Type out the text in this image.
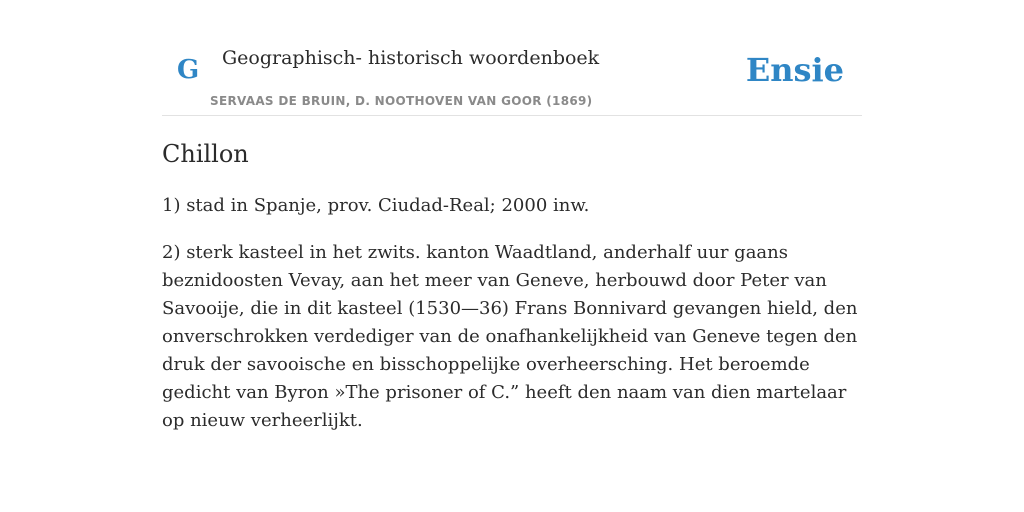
G Geographisch- historisch woordenboek
SERVAAS DE BRUIN, D. NOOTHOVEN VAN GOOR (1869)
Ensie
Chillon

1) stad in Spanje, prov. Ciudad-Real; 2000 inw.

2) sterk kasteel in het zwits. kanton Waadtland, anderhalf uur gaans beznidoosten Vevay, aan het meer van Geneve, herbouwd door Peter van Savooije, die in dit kasteel (1530—36) Frans Bonnivard gevangen hield, den onverschrokken verdediger van de onafhankelijkheid van Geneve tegen den druk der savooische en bisschoppelijke overheersching. Het beroemde gedicht van Byron »The prisoner of C.” heeft den naam van dien martelaar op nieuw verheerlijkt.
